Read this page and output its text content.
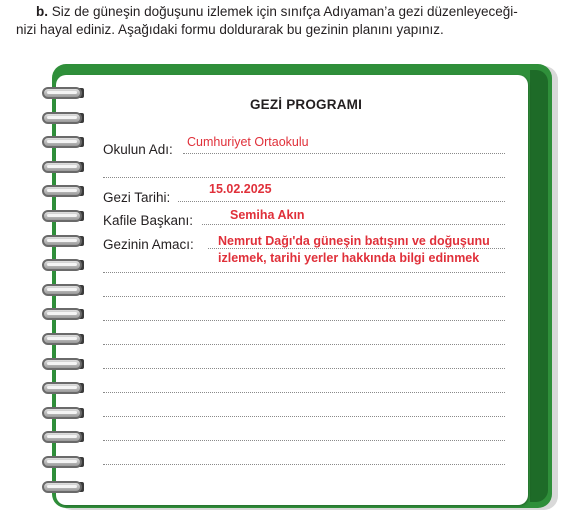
b. Siz de güneşin doğuşunu izlemek için sınıfça Adıyaman’a gezi düzenleyeceği-
nizi hayal ediniz. Aşağıdaki formu doldurarak bu gezinin planını yapınız.
GEZİ PROGRAMI
Okulun Adı: Cumhuriyet Ortaokulu
Gezi Tarihi:
15.02.2025
Kafile Başkanı:	Semiha Akın
Gezinin Amacı: Nemrut Dağı'da güneşin batışını ve doğuşunu izlemek, tarihi yerler hakkında bilgi edinmek
